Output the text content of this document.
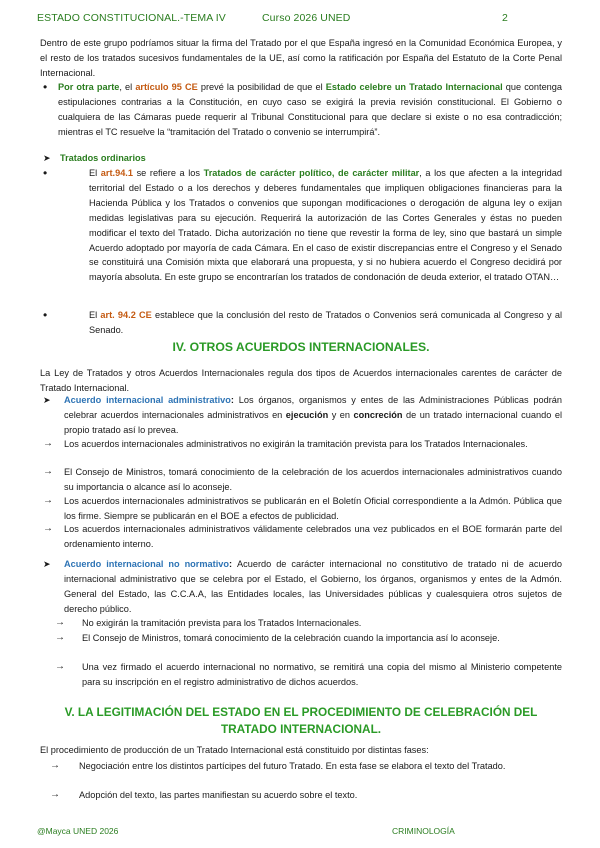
ESTADO CONSTITUCIONAL.-TEMA IV	Curso 2026 UNED	2

Dentro de este grupo podríamos situar la firma del Tratado por el que España ingresó en la Comunidad Económica Europea, y el resto de los tratados sucesivos fundamentales de la UE, así como la ratificación por España del Estatuto de la Corte Penal Internacional.

• Por otra parte, el artículo 95 CE prevé la posibilidad de que el Estado celebre un Tratado Internacional que contenga estipulaciones contrarias a la Constitución, en cuyo caso se exigirá la previa revisión constitucional. El Gobierno o cualquiera de las Cámaras puede requerir al Tribunal Constitucional para que declare si existe o no esa contradicción; mientras el TC resuelve la “tramitación del Tratado o convenio se interrumpirá”.

➤ Tratados ordinarios
•	El art.94.1 se refiere a los Tratados de carácter político, de carácter militar, a los que afecten a la integridad territorial del Estado o a los derechos y deberes fundamentales que impliquen obligaciones financieras para la Hacienda Pública y los Tratados o convenios que supongan modificaciones o derogación de alguna ley o exijan medidas legislativas para su ejecución. Requerirá la autorización de las Cortes Generales y éstas no pueden modificar el texto del Tratado. Dicha autorización no tiene que revestir la forma de ley, sino que bastará un simple Acuerdo adoptado por mayoría de cada Cámara. En el caso de existir discrepancias entre el Congreso y el Senado se constituirá una Comisión mixta que elaborará una propuesta, y si no hubiera acuerdo el Congreso decidirá por mayoría absoluta. En este grupo se encontrarían los tratados de condonación de deuda exterior, el tratado OTAN…

•	El art. 94.2 CE establece que la conclusión del resto de Tratados o Convenios será comunicada al Congreso y al Senado.

IV. OTROS ACUERDOS INTERNACIONALES.

La Ley de Tratados y otros Acuerdos Internacionales regula dos tipos de Acuerdos internacionales carentes de carácter de Tratado Internacional.

➤ Acuerdo internacional administrativo: Los órganos, organismos y entes de las Administraciones Públicas podrán celebrar acuerdos internacionales administrativos en ejecución y en concreción de un tratado internacional cuando el propio tratado así lo prevea.

→ Los acuerdos internacionales administrativos no exigirán la tramitación prevista para los Tratados Internacionales.

→ El Consejo de Ministros, tomará conocimiento de la celebración de los acuerdos internacionales administrativos cuando su importancia o alcance así lo aconseje.

→ Los acuerdos internacionales administrativos se publicarán en el Boletín Oficial correspondiente a la Admón. Pública que los firme. Siempre se publicarán en el BOE a efectos de publicidad.

→ Los acuerdos internacionales administrativos válidamente celebrados una vez publicados en el BOE formarán parte del ordenamiento interno.

➤ Acuerdo internacional no normativo: Acuerdo de carácter internacional no constitutivo de tratado ni de acuerdo internacional administrativo que se celebra por el Estado, el Gobierno, los órganos, organismos y entes de la Admón. General del Estado, las C.C.A.A, las Entidades locales, las Universidades públicas y cualesquiera otros sujetos de derecho público.

→ No exigirán la tramitación prevista para los Tratados Internacionales.

→ El Consejo de Ministros, tomará conocimiento de la celebración cuando la importancia así lo aconseje.

→ Una vez firmado el acuerdo internacional no normativo, se remitirá una copia del mismo al Ministerio competente para su inscripción en el registro administrativo de dichos acuerdos.

V. LA LEGITIMACIÓN DEL ESTADO EN EL PROCEDIMIENTO DE CELEBRACIÓN DEL
TRATADO INTERNACIONAL.

El procedimiento de producción de un Tratado Internacional está constituido por distintas fases:

→ Negociación entre los distintos partícipes del futuro Tratado. En esta fase se elabora el texto del Tratado.

→ Adopción del texto, las partes manifiestan su acuerdo sobre el texto.

@Mayca UNED 2026	CRIMINOLOGÍA
